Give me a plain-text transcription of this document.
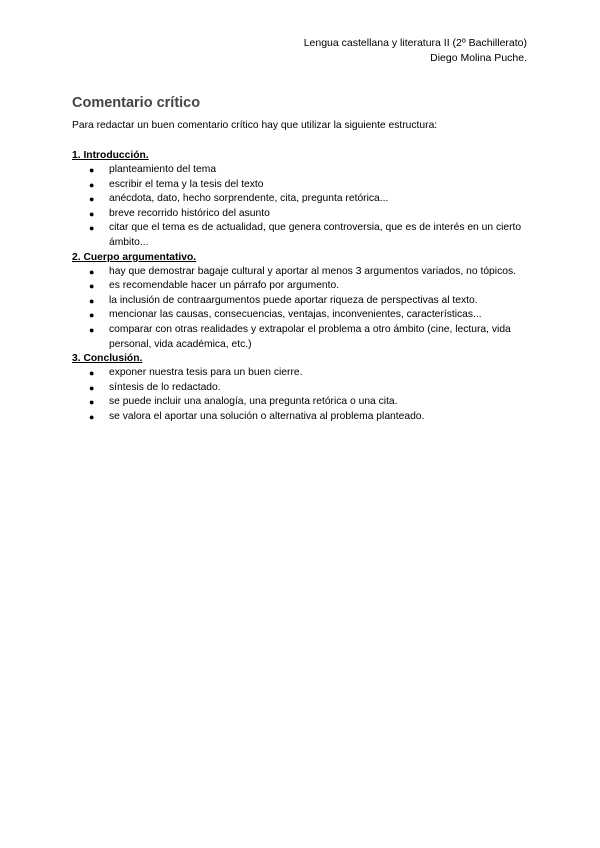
Lengua castellana y literatura II (2º Bachillerato)
Diego Molina Puche.
Comentario crítico
Para redactar un buen comentario crítico hay que utilizar la siguiente estructura:

1. Introducción.

● planteamiento del tema
● escribir el tema y la tesis del texto
● anécdota, dato, hecho sorprendente, cita, pregunta retórica...
● breve recorrido histórico del asunto
● citar que el tema es de actualidad, que genera controversia, que es de interés en un cierto ámbito...

2. Cuerpo argumentativo.

● hay que demostrar bagaje cultural y aportar al menos 3 argumentos variados, no tópicos.
● es recomendable hacer un párrafo por argumento.
● la inclusión de contraargumentos puede aportar riqueza de perspectivas al texto.
● mencionar las causas, consecuencias, ventajas, inconvenientes, características...
● comparar con otras realidades y extrapolar el problema a otro ámbito (cine, lectura, vida personal, vida académica, etc.)

3. Conclusión.

● exponer nuestra tesis para un buen cierre.
● síntesis de lo redactado.
● se puede incluir una analogía, una pregunta retórica o una cita.
● se valora el aportar una solución o alternativa al problema planteado.
